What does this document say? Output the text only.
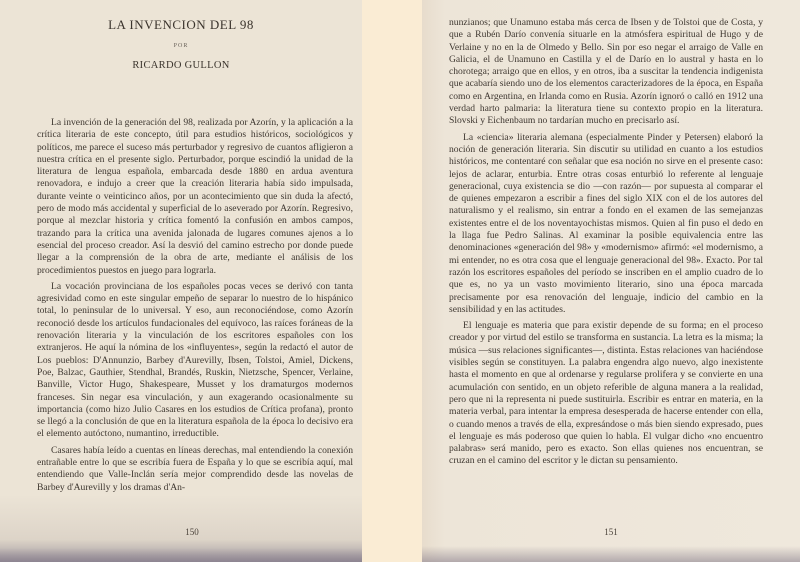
LA INVENCION DEL 98
POR
RICARDO GULLON

La invención de la generación del 98, realizada por Azorín, y la aplicación a la crítica literaria de este concepto, útil para estudios históricos, sociológicos y políticos, me parece el suceso más perturbador y regresivo de cuantos afligieron a nuestra crítica en el presente siglo. Perturbador, porque escindió la unidad de la literatura de lengua española, embarcada desde 1880 en ardua aventura renovadora, e indujo a creer que la creación literaria había sido impulsada, durante veinte o veinticinco años, por un acontecimiento que sin duda la afectó, pero de modo más accidental y superficial de lo aseverado por Azorín. Regresivo, porque al mezclar historia y crítica fomentó la confusión en ambos campos, trazando para la crítica una avenida jalonada de lugares comunes ajenos a lo esencial del proceso creador. Así la desvió del camino estrecho por donde puede llegar a la comprensión de la obra de arte, mediante el análisis de los procedimientos puestos en juego para lograrla.

La vocación provinciana de los españoles pocas veces se derivó con tanta agresividad como en este singular empeño de separar lo nuestro de lo hispánico total, lo peninsular de lo universal. Y eso, aun reconociéndose, como Azorín reconoció desde los artículos fundacionales del equívoco, las raíces foráneas de la renovación literaria y la vinculación de los escritores españoles con los extranjeros. He aquí la nómina de los «influyentes», según la redactó el autor de Los pueblos: D'Annunzio, Barbey d'Aurevilly, Ibsen, Tolstoi, Amiel, Dickens, Poe, Balzac, Gauthier, Stendhal, Brandés, Ruskin, Nietzsche, Spencer, Verlaine, Banville, Victor Hugo, Shakespeare, Musset y los dramaturgos modernos franceses. Sin negar esa vinculación, y aun exagerando ocasionalmente su importancia (como hizo Julio Casares en los estudios de Crítica profana), pronto se llegó a la conclusión de que en la literatura española de la época lo decisivo era el elemento autóctono, numantino, irreductible.

Casares había leído a cuentas en líneas derechas, mal entendiendo la conexión entrañable entre lo que se escribía fuera de España y lo que se escribía aquí, mal entendiendo que Valle-Inclán sería mejor comprendido desde las novelas de Barbey d'Aurevilly y los dramas d'An-

150

nunzianos; que Unamuno estaba más cerca de Ibsen y de Tolstoi que de Costa, y que a Rubén Darío convenía situarle en la atmósfera espiritual de Hugo y de Verlaine y no en la de Olmedo y Bello. Sin por eso negar el arraigo de Valle en Galicia, el de Unamuno en Castilla y el de Darío en lo austral y hasta en lo chorotega; arraigo que en ellos, y en otros, iba a suscitar la tendencia indigenista que acabaría siendo uno de los elementos caracterizadores de la época, en España como en Argentina, en Irlanda como en Rusia. Azorín ignoró o calló en 1912 una verdad harto palmaria: la literatura tiene su contexto propio en la literatura. Slovski y Eichenbaum no tardarían mucho en precisarlo así.

La «ciencia» literaria alemana (especialmente Pinder y Petersen) elaboró la noción de generación literaria. Sin discutir su utilidad en cuanto a los estudios históricos, me contentaré con señalar que esa noción no sirve en el presente caso: lejos de aclarar, enturbia. Entre otras cosas enturbió lo referente al lenguaje generacional, cuya existencia se dio —con razón— por supuesta al comparar el de quienes empezaron a escribir a fines del siglo XIX con el de los autores del naturalismo y el realismo, sin entrar a fondo en el examen de las semejanzas existentes entre el de los noventayochistas mismos. Quien al fin puso el dedo en la llaga fue Pedro Salinas. Al examinar la posible equivalencia entre las denominaciones «generación del 98» y «modernismo» afirmó: «el modernismo, a mi entender, no es otra cosa que el lenguaje generacional del 98». Exacto. Por tal razón los escritores españoles del período se inscriben en el amplio cuadro de lo que es, no ya un vasto movimiento literario, sino una época marcada precisamente por esa renovación del lenguaje, indicio del cambio en la sensibilidad y en las actitudes.

El lenguaje es materia que para existir depende de su forma; en el proceso creador y por virtud del estilo se transforma en sustancia. La letra es la misma; la música —sus relaciones significantes—, distinta. Estas relaciones van haciéndose visibles según se constituyen. La palabra engendra algo nuevo, algo inexistente hasta el momento en que al ordenarse y regularse prolifera y se convierte en una acumulación con sentido, en un objeto referible de alguna manera a la realidad, pero que ni la representa ni puede sustituirla. Escribir es entrar en materia, en la materia verbal, para intentar la empresa desesperada de hacerse entender con ella, o cuando menos a través de ella, expresándose o más bien siendo expresado, pues el lenguaje es más poderoso que quien lo habla. El vulgar dicho «no encuentro palabras» será manido, pero es exacto. Son ellas quienes nos encuentran, se cruzan en el camino del escritor y le dictan su pensamiento.

151
